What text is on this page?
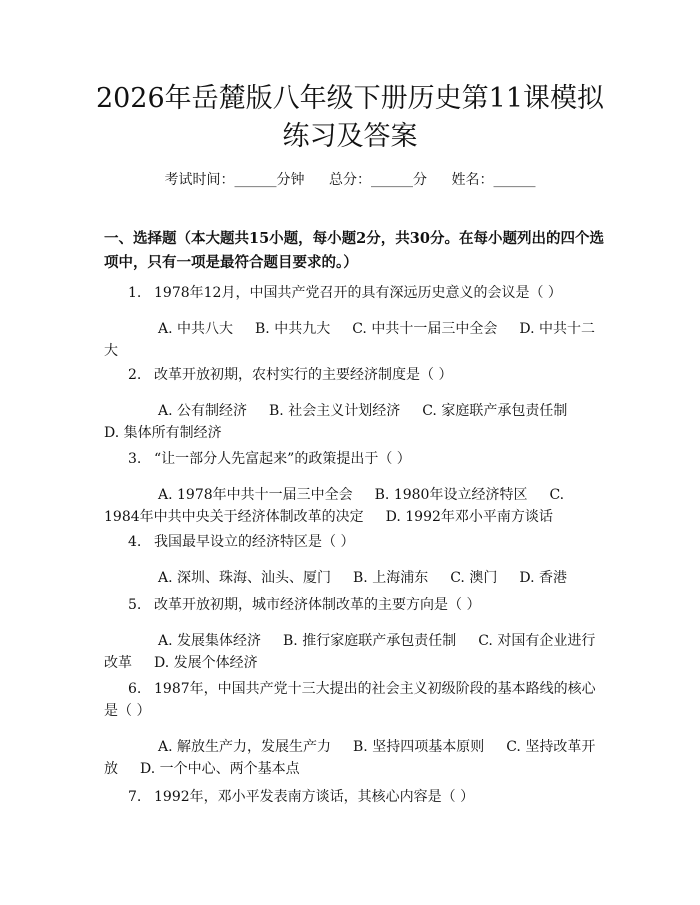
2026年岳麓版八年级下册历史第11课模拟
练习及答案
考试时间：______分钟 总分：______分 姓名：______
一、选择题（本大题共15小题，每小题2分，共30分。在每小题列出的四个选项中，只有一项是最符合题目要求的。）
1. 1978年12月，中国共产党召开的具有深远历史意义的会议是（ ）
A. 中共八大 B. 中共九大 C. 中共十一届三中全会 D. 中共十二大
2. 改革开放初期，农村实行的主要经济制度是（ ）
A. 公有制经济 B. 社会主义计划经济 C. 家庭联产承包责任制D. 集体所有制经济
3. “让一部分人先富起来”的政策提出于（ ）
A. 1978年中共十一届三中全会 B. 1980年设立经济特区 C. 1984年中共中央关于经济体制改革的决定 D. 1992年邓小平南方谈话
4. 我国最早设立的经济特区是（ ）
A. 深圳、珠海、汕头、厦门 B. 上海浦东 C. 澳门 D. 香港
5. 改革开放初期，城市经济体制改革的主要方向是（ ）
A. 发展集体经济 B. 推行家庭联产承包责任制 C. 对国有企业进行改革 D. 发展个体经济
6. 1987年，中国共产党十三大提出的社会主义初级阶段的基本路线的核心是（ ）
A. 解放生产力，发展生产力 B. 坚持四项基本原则 C. 坚持改革开放 D. 一个中心、两个基本点
7. 1992年，邓小平发表南方谈话，其核心内容是（ ）
